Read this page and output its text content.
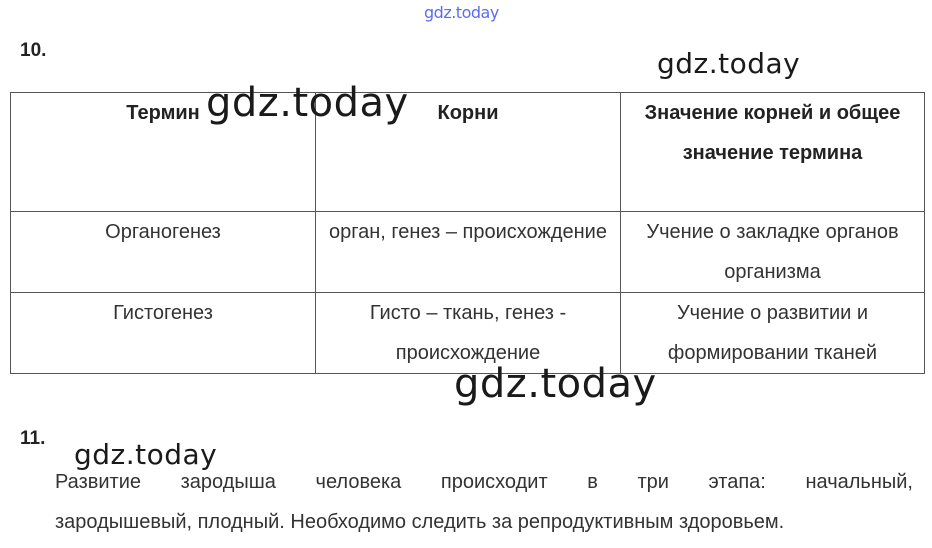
gdz.today
10.
Термин	Корни	Значение корней и общее значение термина
Органогенез	орган, генез – происхождение	Учение о закладке органов организма
Гистогенез	Гисто – ткань, генез - происхождение	Учение о развитии и формировании тканей
11.
Развитие зародыша человека происходит в три этапа: начальный,
зародышевый, плодный. Необходимо следить за репродуктивным здоровьем.
gdz.today
gdz.today
gdz.today
gdz.today
